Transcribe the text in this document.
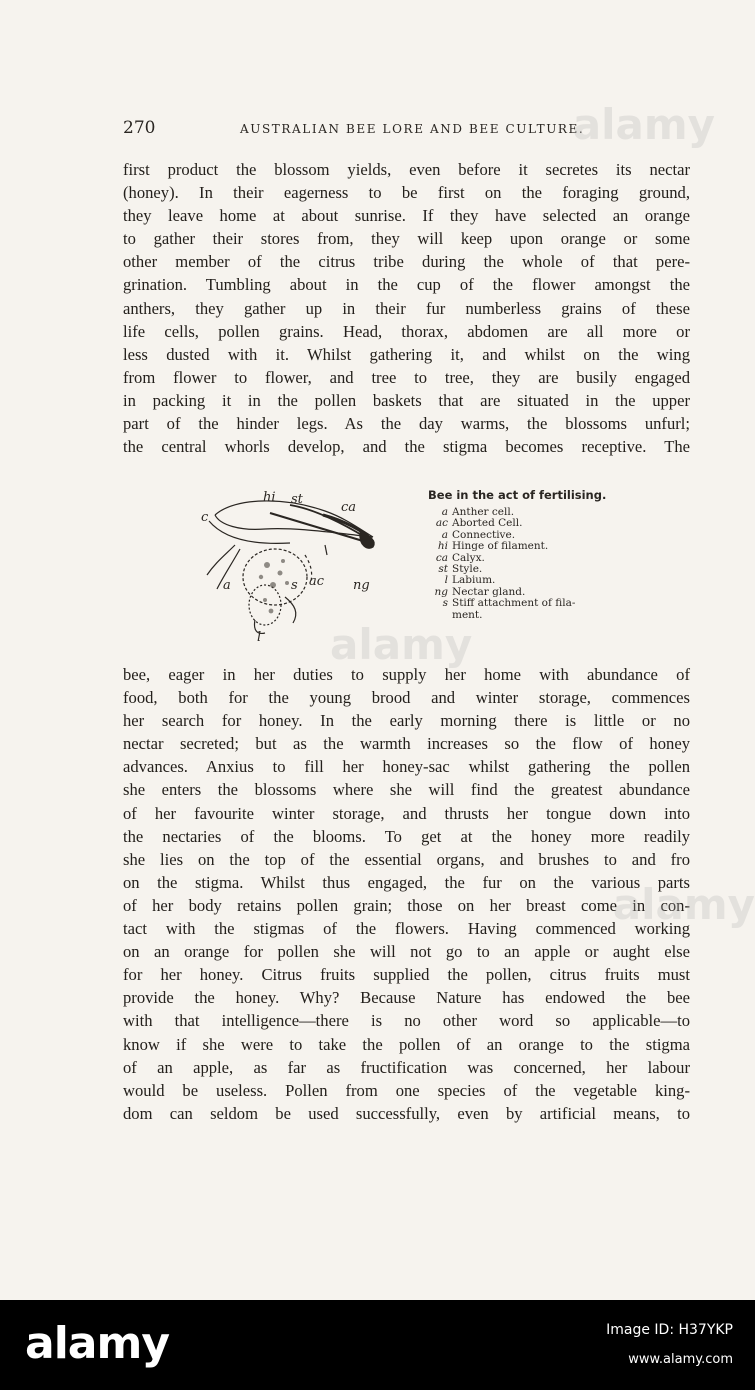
270	AUSTRALIAN BEE LORE AND BEE CULTURE.

first product the blossom yields, even before it secretes its nectar
(honey). In their eagerness to be first on the foraging ground,
they leave home at about sunrise. If they have selected an orange
to gather their stores from, they will keep upon orange or some
other member of the citrus tribe during the whole of that pere-
grination. Tumbling about in the cup of the flower amongst the
anthers, they gather up in their fur numberless grains of these
life cells, pollen grains. Head, thorax, abdomen are all more or
less dusted with it. Whilst gathering it, and whilst on the wing
from flower to flower, and tree to tree, they are busily engaged
in packing it in the pollen baskets that are situated in the upper
part of the hinder legs. As the day warms, the blossoms unfurl;
the central whorls develop, and the stigma becomes receptive. The

hi st
ca
c
a	s ac ng
l
Bee in the act of fertilising.
a Anther cell.
ac Aborted Cell.
a Connective.
hi Hinge of filament.
ca Calyx.
st Style.
l Labium.
ng Nectar gland.
s Stiff attachment of fila-
ment.

bee, eager in her duties to supply her home with abundance of
food, both for the young brood and winter storage, commences
her search for honey. In the early morning there is little or no
nectar secreted; but as the warmth increases so the flow of honey
advances. Anxius to fill her honey-sac whilst gathering the pollen
she enters the blossoms where she will find the greatest abundance
of her favourite winter storage, and thrusts her tongue down into
the nectaries of the blooms. To get at the honey more readily
she lies on the top of the essential organs, and brushes to and fro
on the stigma. Whilst thus engaged, the fur on the various parts
of her body retains pollen grain; those on her breast come in con-
tact with the stigmas of the flowers. Having commenced working
on an orange for pollen she will not go to an apple or aught else
for her honey. Citrus fruits supplied the pollen, citrus fruits must
provide the honey. Why? Because Nature has endowed the bee
with that intelligence—there is no other word so applicable—to
know if she were to take the pollen of an orange to the stigma
of an apple, as far as fructification was concerned, her labour
would be useless. Pollen from one species of the vegetable king-
dom can seldom be used successfully, even by artificial means, to

alamy
alamy
alamy
alamy	Image ID: H37YKP
www.alamy.com
